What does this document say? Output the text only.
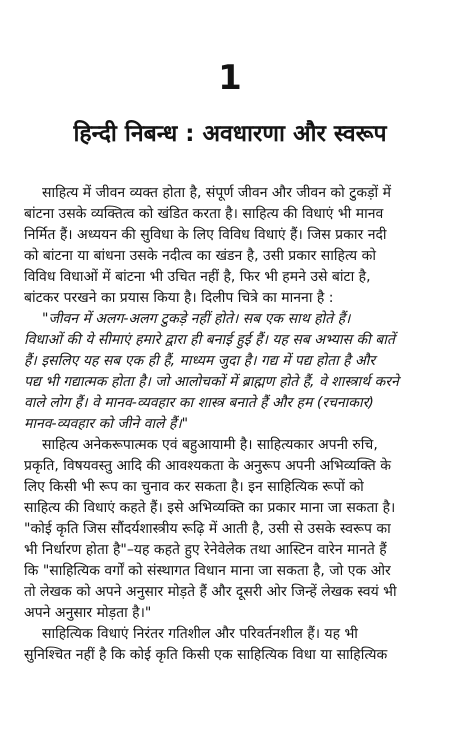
1
हिन्दी निबन्ध : अवधारणा और स्वरूप
साहित्य में जीवन व्यक्त होता है, संपूर्ण जीवन और जीवन को टुकड़ों में
बांटना उसके व्यक्तित्व को खंडित करता है। साहित्य की विधाएं भी मानव
निर्मित हैं। अध्ययन की सुविधा के लिए विविध विधाएं हैं। जिस प्रकार नदी
को बांटना या बांधना उसके नदीत्व का खंडन है, उसी प्रकार साहित्य को
विविध विधाओं में बांटना भी उचित नहीं है, फिर भी हमने उसे बांटा है,
बांटकर परखने का प्रयास किया है। दिलीप चित्रे का मानना है :
"जीवन में अलग-अलग टुकड़े नहीं होते। सब एक साथ होते हैं।
विधाओं की ये सीमाएं हमारे द्वारा ही बनाई हुई हैं। यह सब अभ्यास की बातें
हैं। इसलिए यह सब एक ही हैं, माध्यम जुदा है। गद्य में पद्य होता है और
पद्य भी गद्यात्मक होता है। जो आलोचकों में ब्राह्मण होते हैं, वे शास्त्रार्थ करने
वाले लोग हैं। वे मानव-व्यवहार का शास्त्र बनाते हैं और हम (रचनाकार)
मानव-व्यवहार को जीने वाले हैं।"
साहित्य अनेकरूपात्मक एवं बहुआयामी है। साहित्यकार अपनी रुचि,
प्रकृति, विषयवस्तु आदि की आवश्यकता के अनुरूप अपनी अभिव्यक्ति के
लिए किसी भी रूप का चुनाव कर सकता है। इन साहित्यिक रूपों को
साहित्य की विधाएं कहते हैं। इसे अभिव्यक्ति का प्रकार माना जा सकता है।
"कोई कृति जिस सौंदर्यशास्त्रीय रूढ़ि में आती है, उसी से उसके स्वरूप का
भी निर्धारण होता है"–यह कहते हुए रेनेवेलेक तथा आस्टिन वारेन मानते हैं
कि "साहित्यिक वर्गों को संस्थागत विधान माना जा सकता है, जो एक ओर
तो लेखक को अपने अनुसार मोड़ते हैं और दूसरी ओर जिन्हें लेखक स्वयं भी
अपने अनुसार मोड़ता है।"
साहित्यिक विधाएं निरंतर गतिशील और परिवर्तनशील हैं। यह भी
सुनिश्चित नहीं है कि कोई कृति किसी एक साहित्यिक विधा या साहित्यिक
